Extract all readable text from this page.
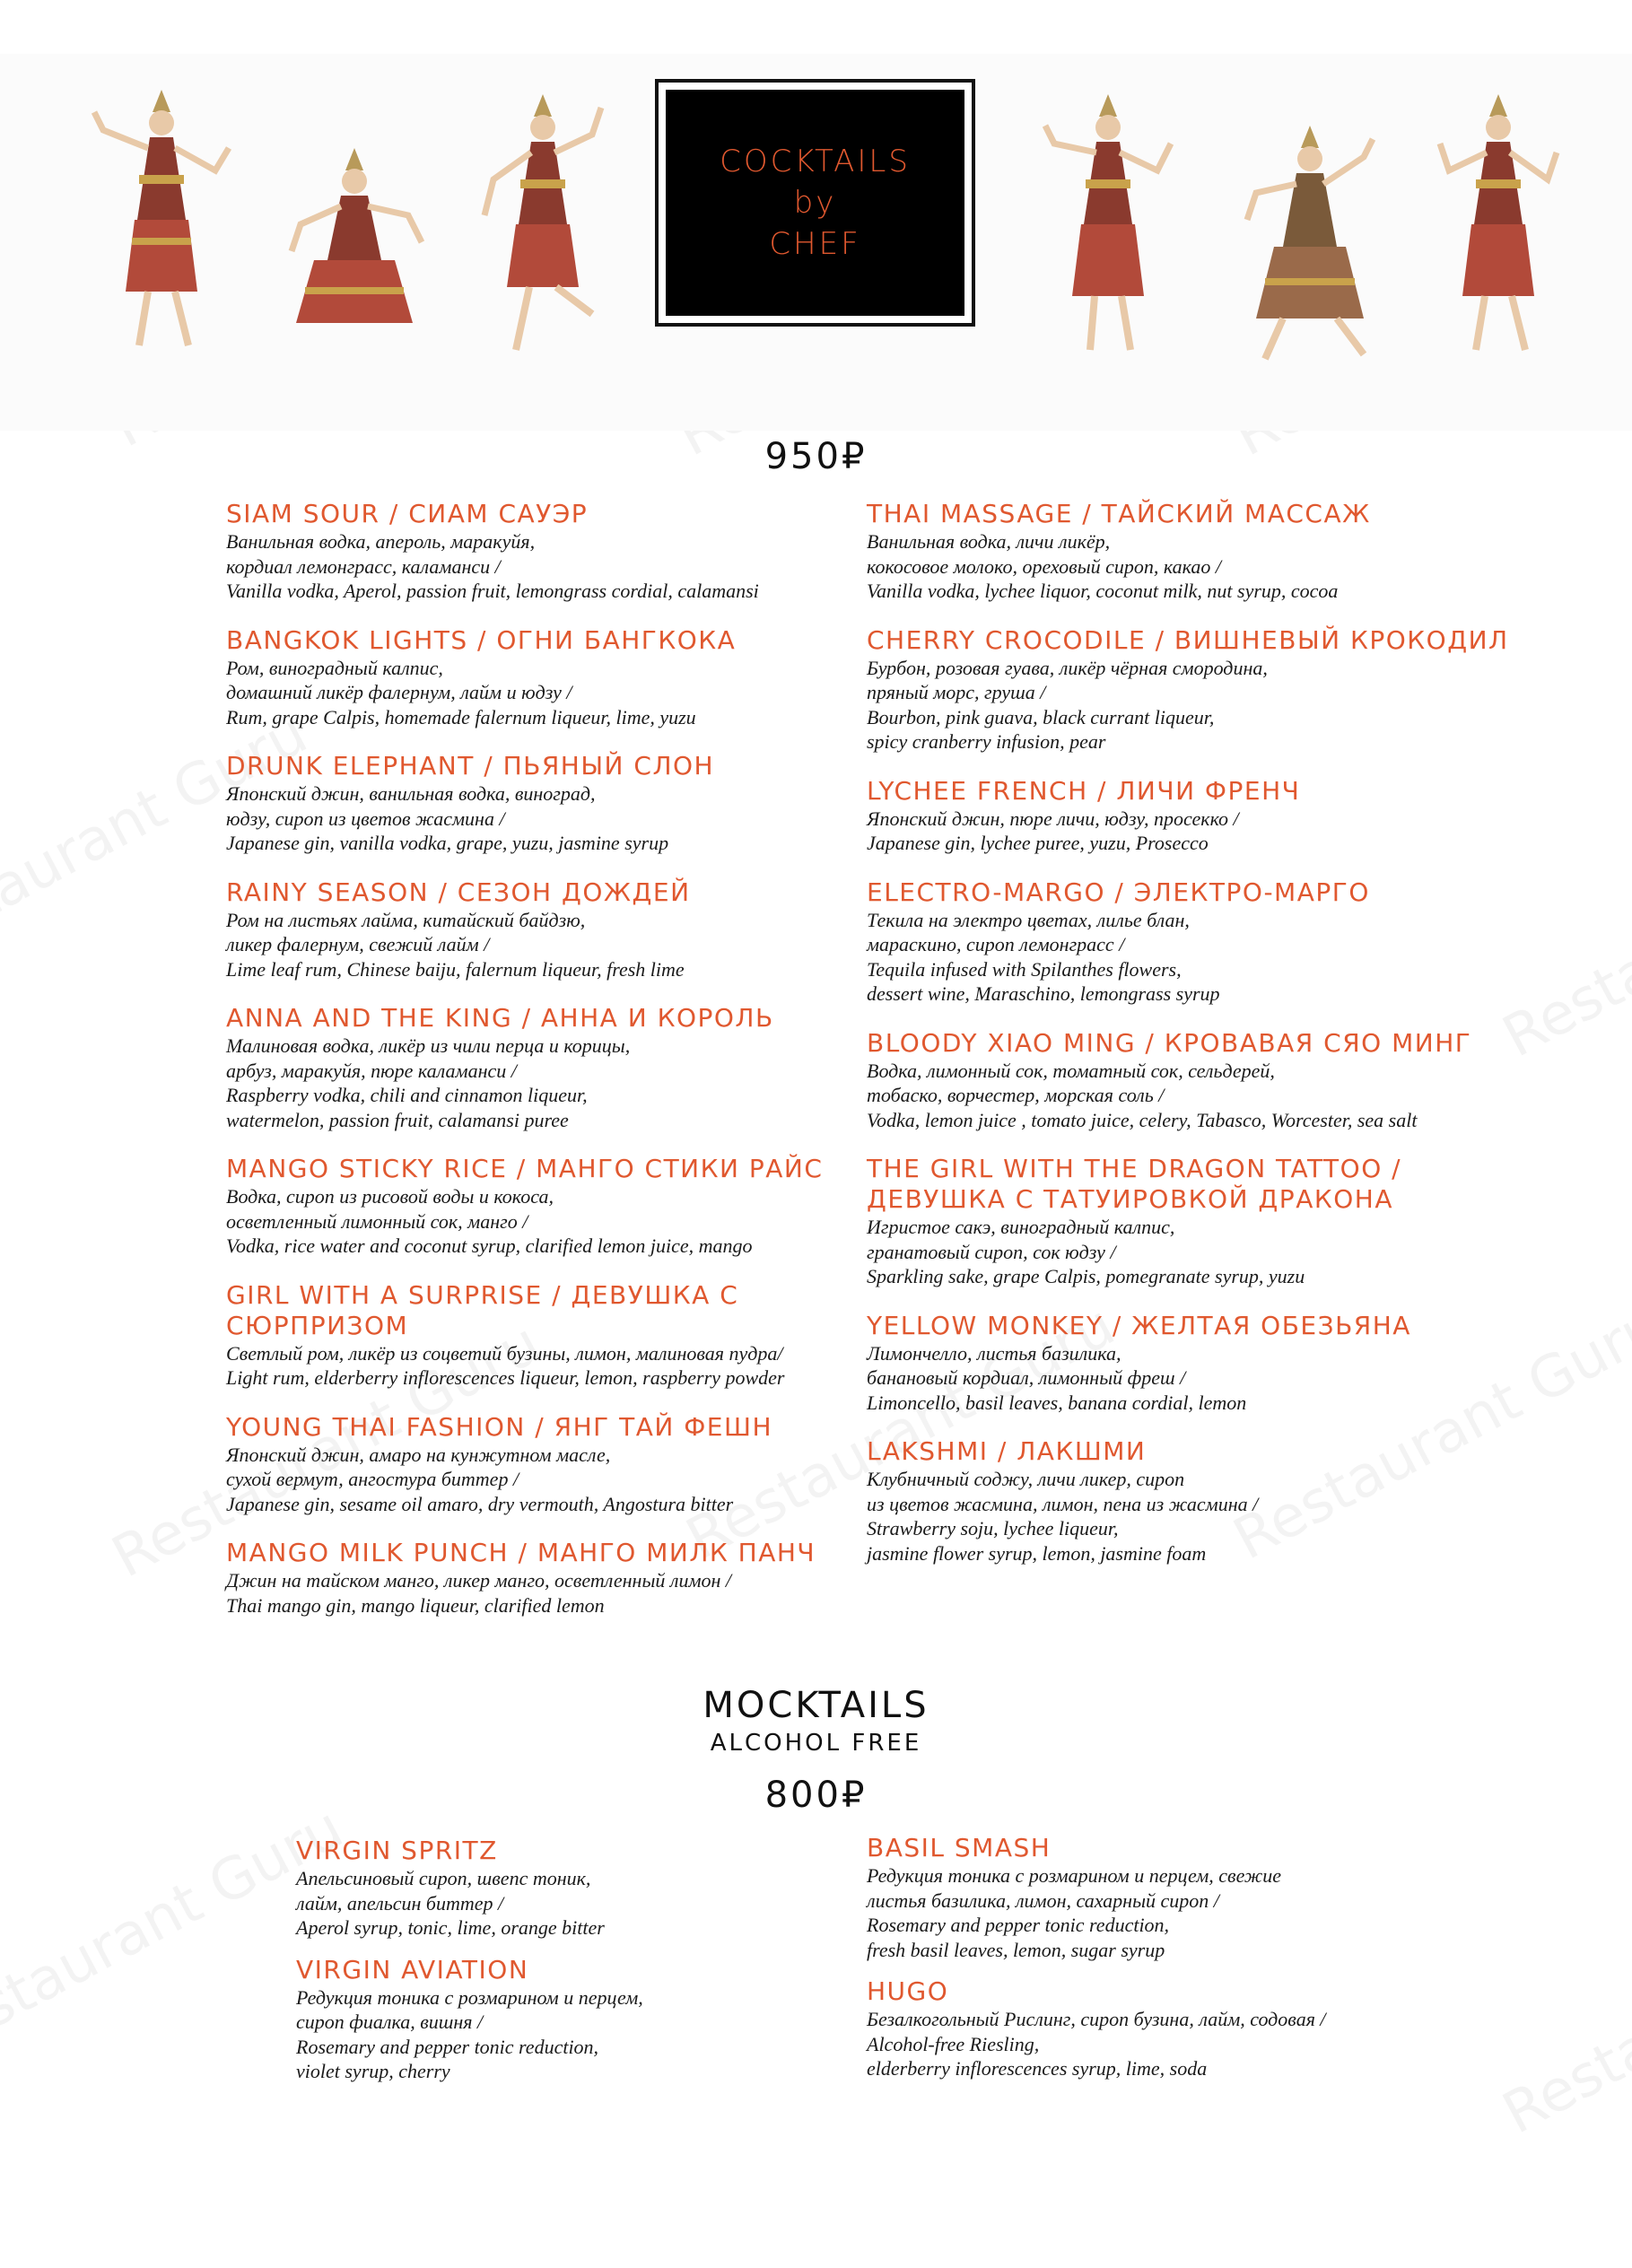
COCKTAILS
by
CHEF
950₽
SIAM SOUR / СИАМ САУЭР
Ванильная водка, апероль, маракуйя,
кордиал лемонграсс, каламанси /
Vanilla vodka, Aperol, passion fruit, lemongrass cordial, calamansi
BANGKOK LIGHTS / ОГНИ БАНГКОКА
Ром, виноградный калпис,
домашний ликёр фалернум, лайм и юдзу /
Rum, grape Calpis, homemade falernum liqueur, lime, yuzu
DRUNK ELEPHANT / ПЬЯНЫЙ СЛОН
Японский джин, ванильная водка, виноград,
юдзу, сироп из цветов жасмина /
Japanese gin, vanilla vodka, grape, yuzu, jasmine syrup
RAINY SEASON / СЕЗОН ДОЖДЕЙ
Ром на листьях лайма, китайский байдзю,
ликер фалернум, свежий лайм /
Lime leaf rum, Chinese baiju, falernum liqueur, fresh lime
ANNA AND THE KING / АННА И КОРОЛЬ
Малиновая водка, ликёр из чили перца и корицы,
арбуз, маракуйя, пюре каламанси /
Raspberry vodka, chili and cinnamon liqueur,
watermelon, passion fruit, calamansi puree
MANGO STICKY RICE / МАНГО СТИКИ РАЙС
Водка, сироп из рисовой воды и кокоса,
осветленный лимонный сок, манго /
Vodka, rice water and coconut syrup, clarified lemon juice, mango
GIRL WITH A SURPRISE / ДЕВУШКА С СЮРПРИЗОМ
Светлый ром, ликёр из соцветий бузины, лимон, малиновая пудра/
Light rum, elderberry inflorescences liqueur, lemon, raspberry powder
YOUNG THAI FASHION / ЯНГ ТАЙ ФЕШН
Японский джин, амаро на кунжутном масле,
сухой вермут, ангостура биттер /
Japanese gin, sesame oil amaro, dry vermouth, Angostura bitter
MANGO MILK PUNCH / МАНГО МИЛК ПАНЧ
Джин на тайском манго, ликер манго, осветленный лимон /
Thai mango gin, mango liqueur, clarified lemon
THAI MASSAGE / ТАЙСКИЙ МАССАЖ
Ванильная водка, личи ликёр,
кокосовое молоко, ореховый сироп, какао /
Vanilla vodka, lychee liquor, coconut milk, nut syrup, cocoa
CHERRY CROCODILE / ВИШНЕВЫЙ КРОКОДИЛ
Бурбон, розовая гуава, ликёр чёрная смородина,
пряный морс, груша /
Bourbon, pink guava, black currant liqueur,
spicy cranberry infusion, pear
LYCHEE FRENCH / ЛИЧИ ФРЕНЧ
Японский джин, пюре личи, юдзу, просекко /
Japanese gin, lychee puree, yuzu, Prosecco
ELECTRO-MARGO / ЭЛЕКТРО-МАРГО
Текила на электро цветах, лилье блан,
мараскино, сироп лемонграсс /
Tequila infused with Spilanthes flowers,
dessert wine, Maraschino, lemongrass syrup
BLOODY XIAO MING / КРОВАВАЯ СЯО МИНГ
Водка, лимонный сок, томатный сок, сельдерей,
тобаско, ворчестер, морская соль /
Vodka, lemon juice , tomato juice, celery, Tabasco, Worcester, sea salt
THE GIRL WITH THE DRAGON TATTOO /
ДЕВУШКА С ТАТУИРОВКОЙ ДРАКОНА
Игристое сакэ, виноградный калпис,
гранатовый сироп, сок юдзу /
Sparkling sake, grape Calpis, pomegranate syrup, yuzu
YELLOW MONKEY / ЖЕЛТАЯ ОБЕЗЬЯНА
Лимончелло, листья базилика,
банановый кордиал, лимонный фреш /
Limoncello, basil leaves, banana cordial, lemon
LAKSHMI / ЛАКШМИ
Клубничный соджу, личи ликер, сироп
из цветов жасмина, лимон, пена из жасмина /
Strawberry soju, lychee liqueur,
jasmine flower syrup, lemon, jasmine foam
MOCKTAILS
ALCOHOL FREE
800₽
VIRGIN SPRITZ
Апельсиновый сироп, швепс тоник,
лайм, апельсин биттер /
Aperol syrup, tonic, lime, orange bitter
VIRGIN AVIATION
Редукция тоника с розмарином и перцем,
сироп фиалка, вишня /
Rosemary and pepper tonic reduction,
violet syrup, cherry
BASIL SMASH
Редукция тоника с розмарином и перцем, свежие
листья базилика, лимон, сахарный сироп /
Rosemary and pepper tonic reduction,
fresh basil leaves, lemon, sugar syrup
HUGO
Безалкогольный Рислинг, сироп бузина, лайм, содовая /
Alcohol-free Riesling,
elderberry inflorescences syrup, lime, soda
